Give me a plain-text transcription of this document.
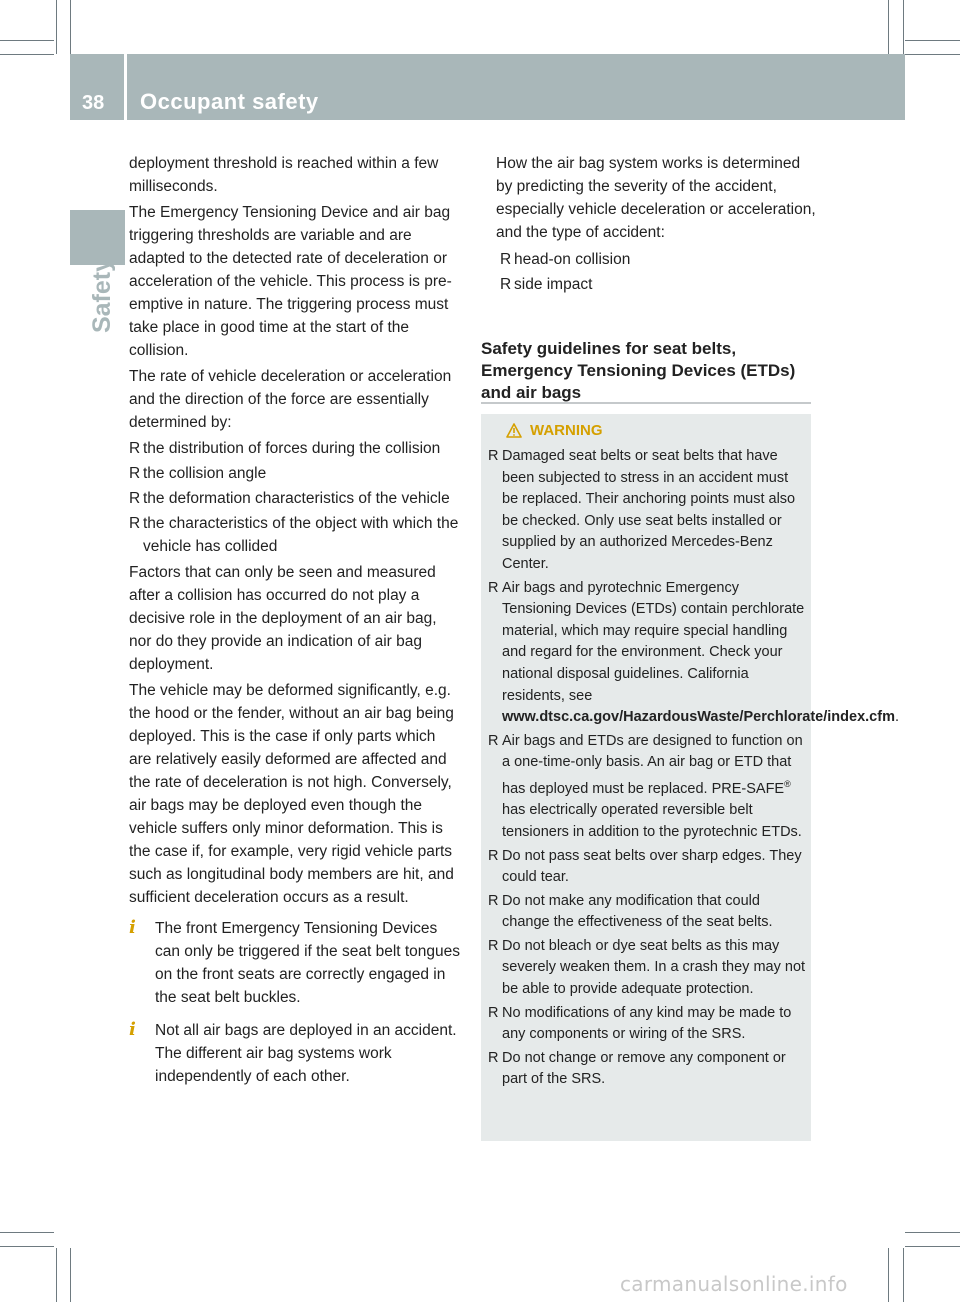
38 Occupant safety
Safety

deployment threshold is reached within a few milliseconds.

The Emergency Tensioning Device and air bag triggering thresholds are variable and are adapted to the detected rate of deceleration or acceleration of the vehicle. This process is pre-emptive in nature. The triggering process must take place in good time at the start of the collision.

The rate of vehicle deceleration or acceleration and the direction of the force are essentially determined by:

R the distribution of forces during the collision
R the collision angle
R the deformation characteristics of the vehicle
R the characteristics of the object with which the vehicle has collided

Factors that can only be seen and measured after a collision has occurred do not play a decisive role in the deployment of an air bag, nor do they provide an indication of air bag deployment.

The vehicle may be deformed significantly, e.g. the hood or the fender, without an air bag being deployed. This is the case if only parts which are relatively easily deformed are affected and the rate of deceleration is not high. Conversely, air bags may be deployed even though the vehicle suffers only minor deformation. This is the case if, for example, very rigid vehicle parts such as longitudinal body members are hit, and sufficient deceleration occurs as a result.

i	The front Emergency Tensioning Devices can only be triggered if the seat belt tongues on the front seats are correctly engaged in the seat belt buckles.
i	Not all air bags are deployed in an accident. The different air bag systems work independently of each other.

How the air bag system works is determined by predicting the severity of the accident, especially vehicle deceleration or acceleration, and the type of accident:

R head-on collision
R side impact
Safety guidelines for seat belts, Emergency Tensioning Devices (ETDs) and air bags
WARNING
R Damaged seat belts or seat belts that have been subjected to stress in an accident must be replaced. Their anchoring points must also be checked. Only use seat belts installed or supplied by an authorized Mercedes-Benz Center.
R Air bags and pyrotechnic Emergency Tensioning Devices (ETDs) contain perchlorate material, which may require special handling and regard for the environment. Check your national disposal guidelines. California residents, see www.dtsc.ca.gov/HazardousWaste/Perchlorate/index.cfm.
R Air bags and ETDs are designed to function on a one-time-only basis. An air bag or ETD that has deployed must be replaced. PRE-SAFE® has electrically operated reversible belt tensioners in addition to the pyrotechnic ETDs.
R Do not pass seat belts over sharp edges. They could tear.
R Do not make any modification that could change the effectiveness of the seat belts.
R Do not bleach or dye seat belts as this may severely weaken them. In a crash they may not be able to provide adequate protection.
R No modifications of any kind may be made to any components or wiring of the SRS.
R Do not change or remove any component or part of the SRS.
carmanualsonline.info
